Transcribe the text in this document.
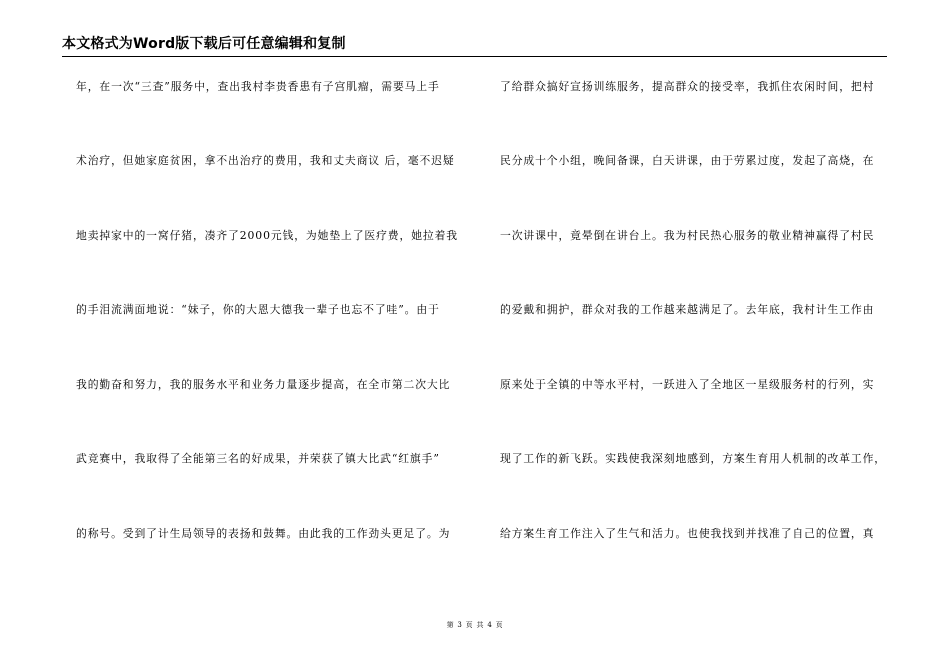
本文格式为Word版下载后可任意编辑和复制
年，在一次“三查”服务中，查出我村李贵香患有子宫肌瘤，需要马上手
术治疗，但她家庭贫困，拿不出治疗的费用，我和丈夫商议 后，毫不迟疑
地卖掉家中的一窝仔猪，凑齐了2000元钱，为她垫上了医疗费，她拉着我
的手泪流满面地说：“妹子，你的大恩大德我一辈子也忘不了哇”。由于
我的勤奋和努力，我的服务水平和业务力量逐步提高，在全市第二次大比
武竞赛中，我取得了全能第三名的好成果，并荣获了镇大比武“红旗手”
的称号。受到了计生局领导的表扬和鼓舞。由此我的工作劲头更足了。为
了给群众搞好宣扬训练服务，提高群众的接受率，我抓住农闲时间，把村
民分成十个小组，晚间备课，白天讲课，由于劳累过度，发起了高烧，在
一次讲课中，竟晕倒在讲台上。我为村民热心服务的敬业精神赢得了村民
的爱戴和拥护，群众对我的工作越来越满足了。去年底，我村计生工作由
原来处于全镇的中等水平村，一跃进入了全地区一星级服务村的行列，实
现了工作的新飞跃。实践使我深刻地感到，方案生育用人机制的改革工作，
给方案生育工作注入了生气和活力。也使我找到并找准了自己的位置，真
第 3 页 共 4 页
